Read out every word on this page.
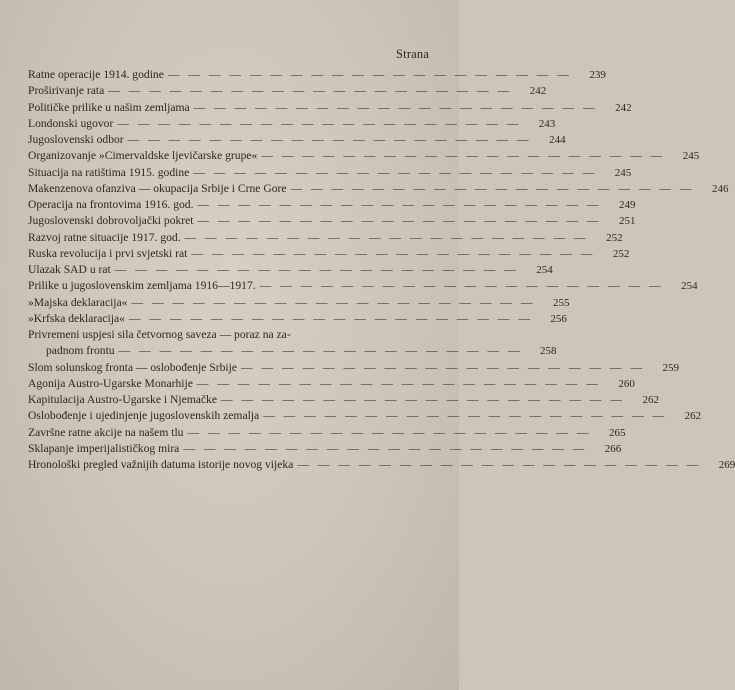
Strana
Ratne operacije 1914. godine — — — — — — — — — — — — — — — — — — — —	239
Proširivanje rata — — — — — — — — — — — — — — — — — — — —	242
Političke prilike u našim zemljama — — — — — — — — — — — — — — — — — — — —	242
Londonski ugovor — — — — — — — — — — — — — — — — — — — —	243
Jugoslovenski odbor — — — — — — — — — — — — — — — — — — — —	244
Organizovanje »Cimervaldske ljevičarske grupe« — — — — — — — — — — — — — — — — — — — —	245
Situacija na ratištima 1915. godine — — — — — — — — — — — — — — — — — — — —	245
Makenzenova ofanziva — okupacija Srbije i Crne Gore — — — — — — — — — — — — — — — — — — — —	246
Operacija na frontovima 1916. god. — — — — — — — — — — — — — — — — — — — —	249
Jugoslovenski dobrovoljački pokret — — — — — — — — — — — — — — — — — — — —	251
Razvoj ratne situacije 1917. god. — — — — — — — — — — — — — — — — — — — —	252
Ruska revolucija i prvi svjetski rat — — — — — — — — — — — — — — — — — — — —	252
Ulazak SAD u rat — — — — — — — — — — — — — — — — — — — —	254
Prilike u jugoslovenskim zemljama 1916—1917. — — — — — — — — — — — — — — — — — — — —	254
»Majska deklaracija« — — — — — — — — — — — — — — — — — — — —	255
»Krfska deklaracija« — — — — — — — — — — — — — — — — — — — —	256
Privremeni uspjesi sila četvornog saveza — poraz na za-
padnom frontu — — — — — — — — — — — — — — — — — — — —	258
Slom solunskog fronta — oslobođenje Srbije — — — — — — — — — — — — — — — — — — — —	259
Agonija Austro-Ugarske Monarhije — — — — — — — — — — — — — — — — — — — —	260
Kapitulacija Austro-Ugarske i Njemačke — — — — — — — — — — — — — — — — — — — —	262
Oslobođenje i ujedinjenje jugoslovenskih zemalja — — — — — — — — — — — — — — — — — — — —	262
Završne ratne akcije na našem tlu — — — — — — — — — — — — — — — — — — — —	265
Sklapanje imperijalističkog mira — — — — — — — — — — — — — — — — — — — —	266
Hronološki pregled važnijih datuma istorije novog vijeka — — — — — — — — — — — — — — — — — — — —	269
